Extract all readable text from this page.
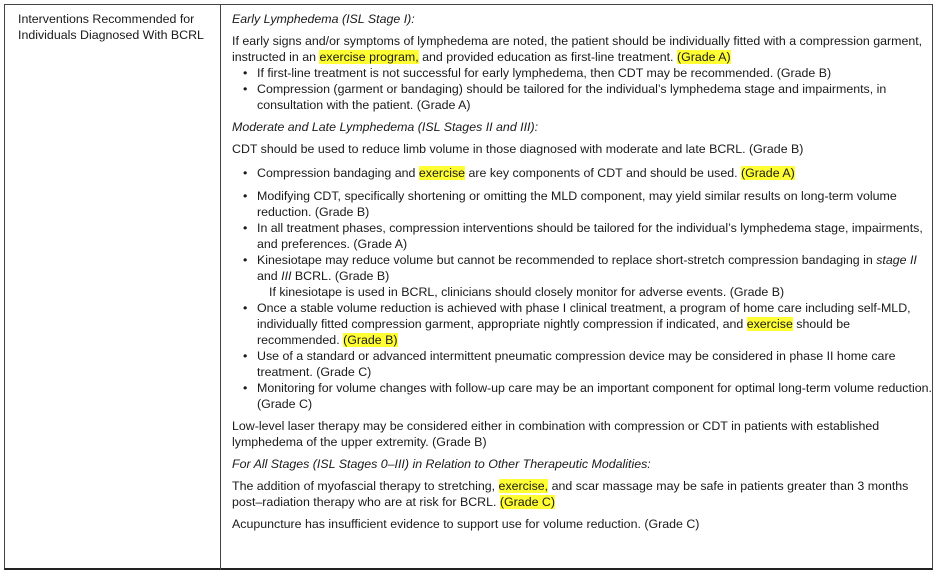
Interventions Recommended for Individuals Diagnosed With BCRL

Early Lymphedema (ISL Stage I):

If early signs and/or symptoms of lymphedema are noted, the patient should be individually fitted with a compression garment, instructed in an exercise program, and provided education as first-line treatment. (Grade A)

• If first-line treatment is not successful for early lymphedema, then CDT may be recommended. (Grade B)
• Compression (garment or bandaging) should be tailored for the individual’s lymphedema stage and impairments, in consultation with the patient. (Grade A)

Moderate and Late Lymphedema (ISL Stages II and III):

CDT should be used to reduce limb volume in those diagnosed with moderate and late BCRL. (Grade B)

• Compression bandaging and exercise are key components of CDT and should be used. (Grade A)
• Modifying CDT, specifically shortening or omitting the MLD component, may yield similar results on long-term volume reduction. (Grade B)
• In all treatment phases, compression interventions should be tailored for the individual’s lymphedema stage, impairments, and preferences. (Grade A)
• Kinesiotape may reduce volume but cannot be recommended to replace short-stretch compression bandaging in stage II and III BCRL. (Grade B)

If kinesiotape is used in BCRL, clinicians should closely monitor for adverse events. (Grade B)

• Once a stable volume reduction is achieved with phase I clinical treatment, a program of home care including self-MLD, individually fitted compression garment, appropriate nightly compression if indicated, and exercise should be recommended. (Grade B)
• Use of a standard or advanced intermittent pneumatic compression device may be considered in phase II home care treatment. (Grade C)
• Monitoring for volume changes with follow-up care may be an important component for optimal long-term volume reduction. (Grade C)

Low-level laser therapy may be considered either in combination with compression or CDT in patients with established lymphedema of the upper extremity. (Grade B)

For All Stages (ISL Stages 0–III) in Relation to Other Therapeutic Modalities:

The addition of myofascial therapy to stretching, exercise, and scar massage may be safe in patients greater than 3 months post–radiation therapy who are at risk for BCRL. (Grade C)

Acupuncture has insufficient evidence to support use for volume reduction. (Grade C)
